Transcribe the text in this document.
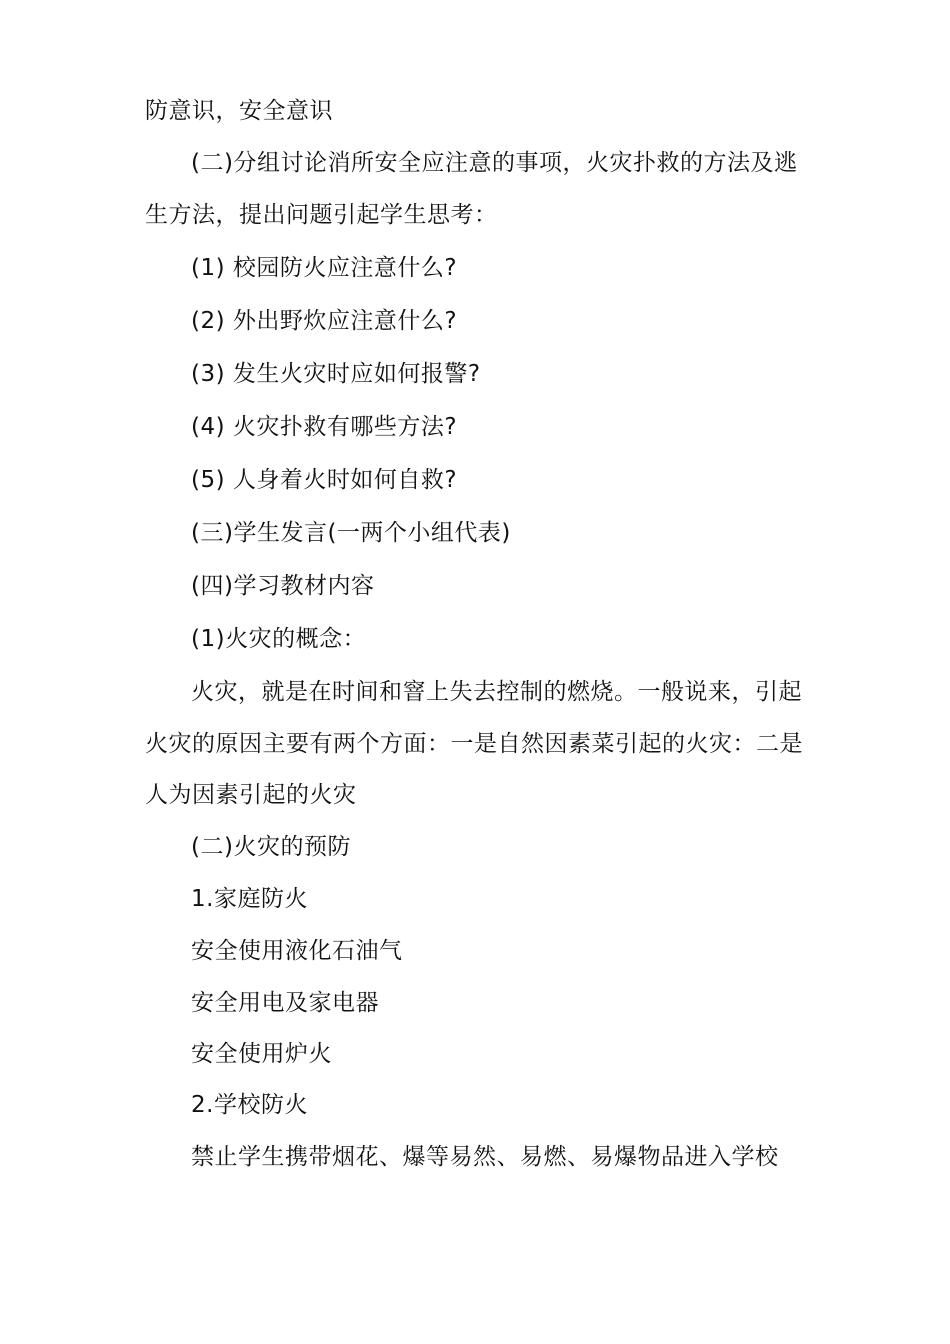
防意识，安全意识
(二)分组讨论消所安全应注意的事项，火灾扑救的方法及逃
生方法，提出问题引起学生思考：
(1) 校园防火应注意什么?
(2) 外出野炊应注意什么?
(3) 发生火灾时应如何报警?
(4) 火灾扑救有哪些方法?
(5) 人身着火时如何自救?
(三)学生发言(一两个小组代表)
(四)学习教材内容
(1)火灾的概念：
火灾，就是在时间和窨上失去控制的燃烧。一般说来，引起
火灾的原因主要有两个方面：一是自然因素菜引起的火灾：二是
人为因素引起的火灾
(二)火灾的预防
1.家庭防火
安全使用液化石油气
安全用电及家电器
安全使用炉火
2.学校防火
禁止学生携带烟花、爆等易然、易燃、易爆物品进入学校
